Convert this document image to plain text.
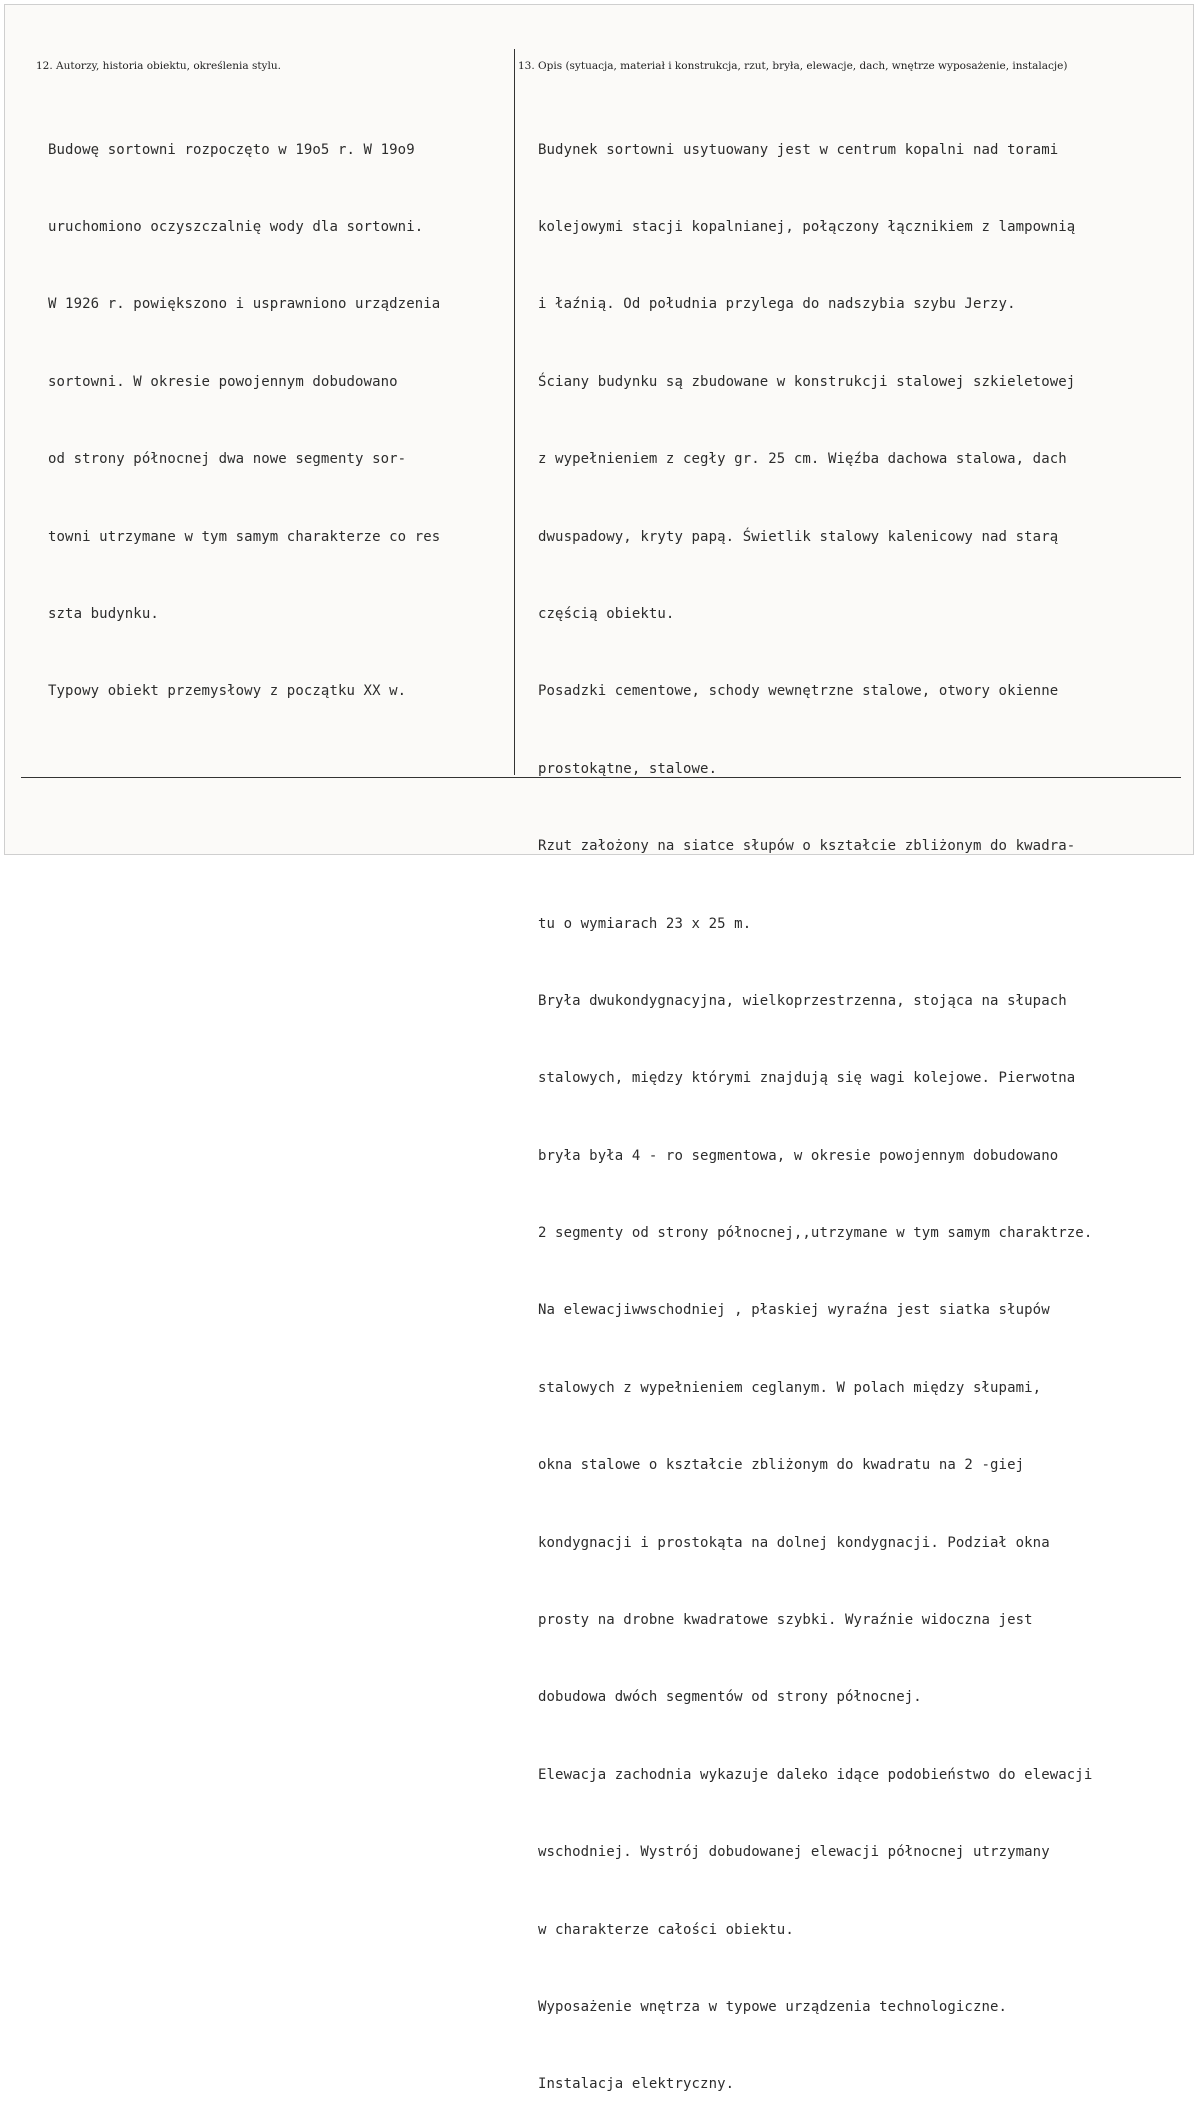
12. Autorzy, historia obiektu, określenia stylu.

Budowę sortowni rozpoczęto w 19o5 r. W 19o9

uruchomiono oczyszczalnię wody dla sortowni.

W 1926 r. powiększono i usprawniono urządzenia

sortowni. W okresie powojennym dobudowano

od strony północnej dwa nowe segmenty sor-

towni utrzymane w tym samym charakterze co res

szta budynku.

Typowy obiekt przemysłowy z początku XX w.

13. Opis (sytuacja, materiał i konstrukcja, rzut, bryła, elewacje, dach, wnętrze wyposażenie, instalacje)

Budynek sortowni usytuowany jest w centrum kopalni nad torami

kolejowymi stacji kopalnianej, połączony łącznikiem z lampownią

i łaźnią. Od południa przylega do nadszybia szybu Jerzy.

Ściany budynku są zbudowane w konstrukcji stalowej szkieletowej

z wypełnieniem z cegły gr. 25 cm. Więźba dachowa stalowa, dach

dwuspadowy, kryty papą. Świetlik stalowy kalenicowy nad starą

częścią obiektu.

Posadzki cementowe, schody wewnętrzne stalowe, otwory okienne

prostokątne, stalowe.

Rzut założony na siatce słupów o kształcie zbliżonym do kwadra-

tu o wymiarach 23 x 25 m.

Bryła dwukondygnacyjna, wielkoprzestrzenna, stojąca na słupach

stalowych, między którymi znajdują się wagi kolejowe. Pierwotna

bryła była 4 - ro segmentowa, w okresie powojennym dobudowano

2 segmenty od strony północnej,,utrzymane w tym samym charaktrze.

Na elewacjiwwschodniej , płaskiej wyraźna jest siatka słupów

stalowych z wypełnieniem ceglanym. W polach między słupami,

okna stalowe o kształcie zbliżonym do kwadratu na 2 -giej

kondygnacji i prostokąta na dolnej kondygnacji. Podział okna

prosty na drobne kwadratowe szybki. Wyraźnie widoczna jest

dobudowa dwóch segmentów od strony północnej.

Elewacja zachodnia wykazuje daleko idące podobieństwo do elewacji

wschodniej. Wystrój dobudowanej elewacji północnej utrzymany

w charakterze całości obiektu.

Wyposażenie wnętrza w typowe urządzenia technologiczne.

Instalacja elektryczny.
